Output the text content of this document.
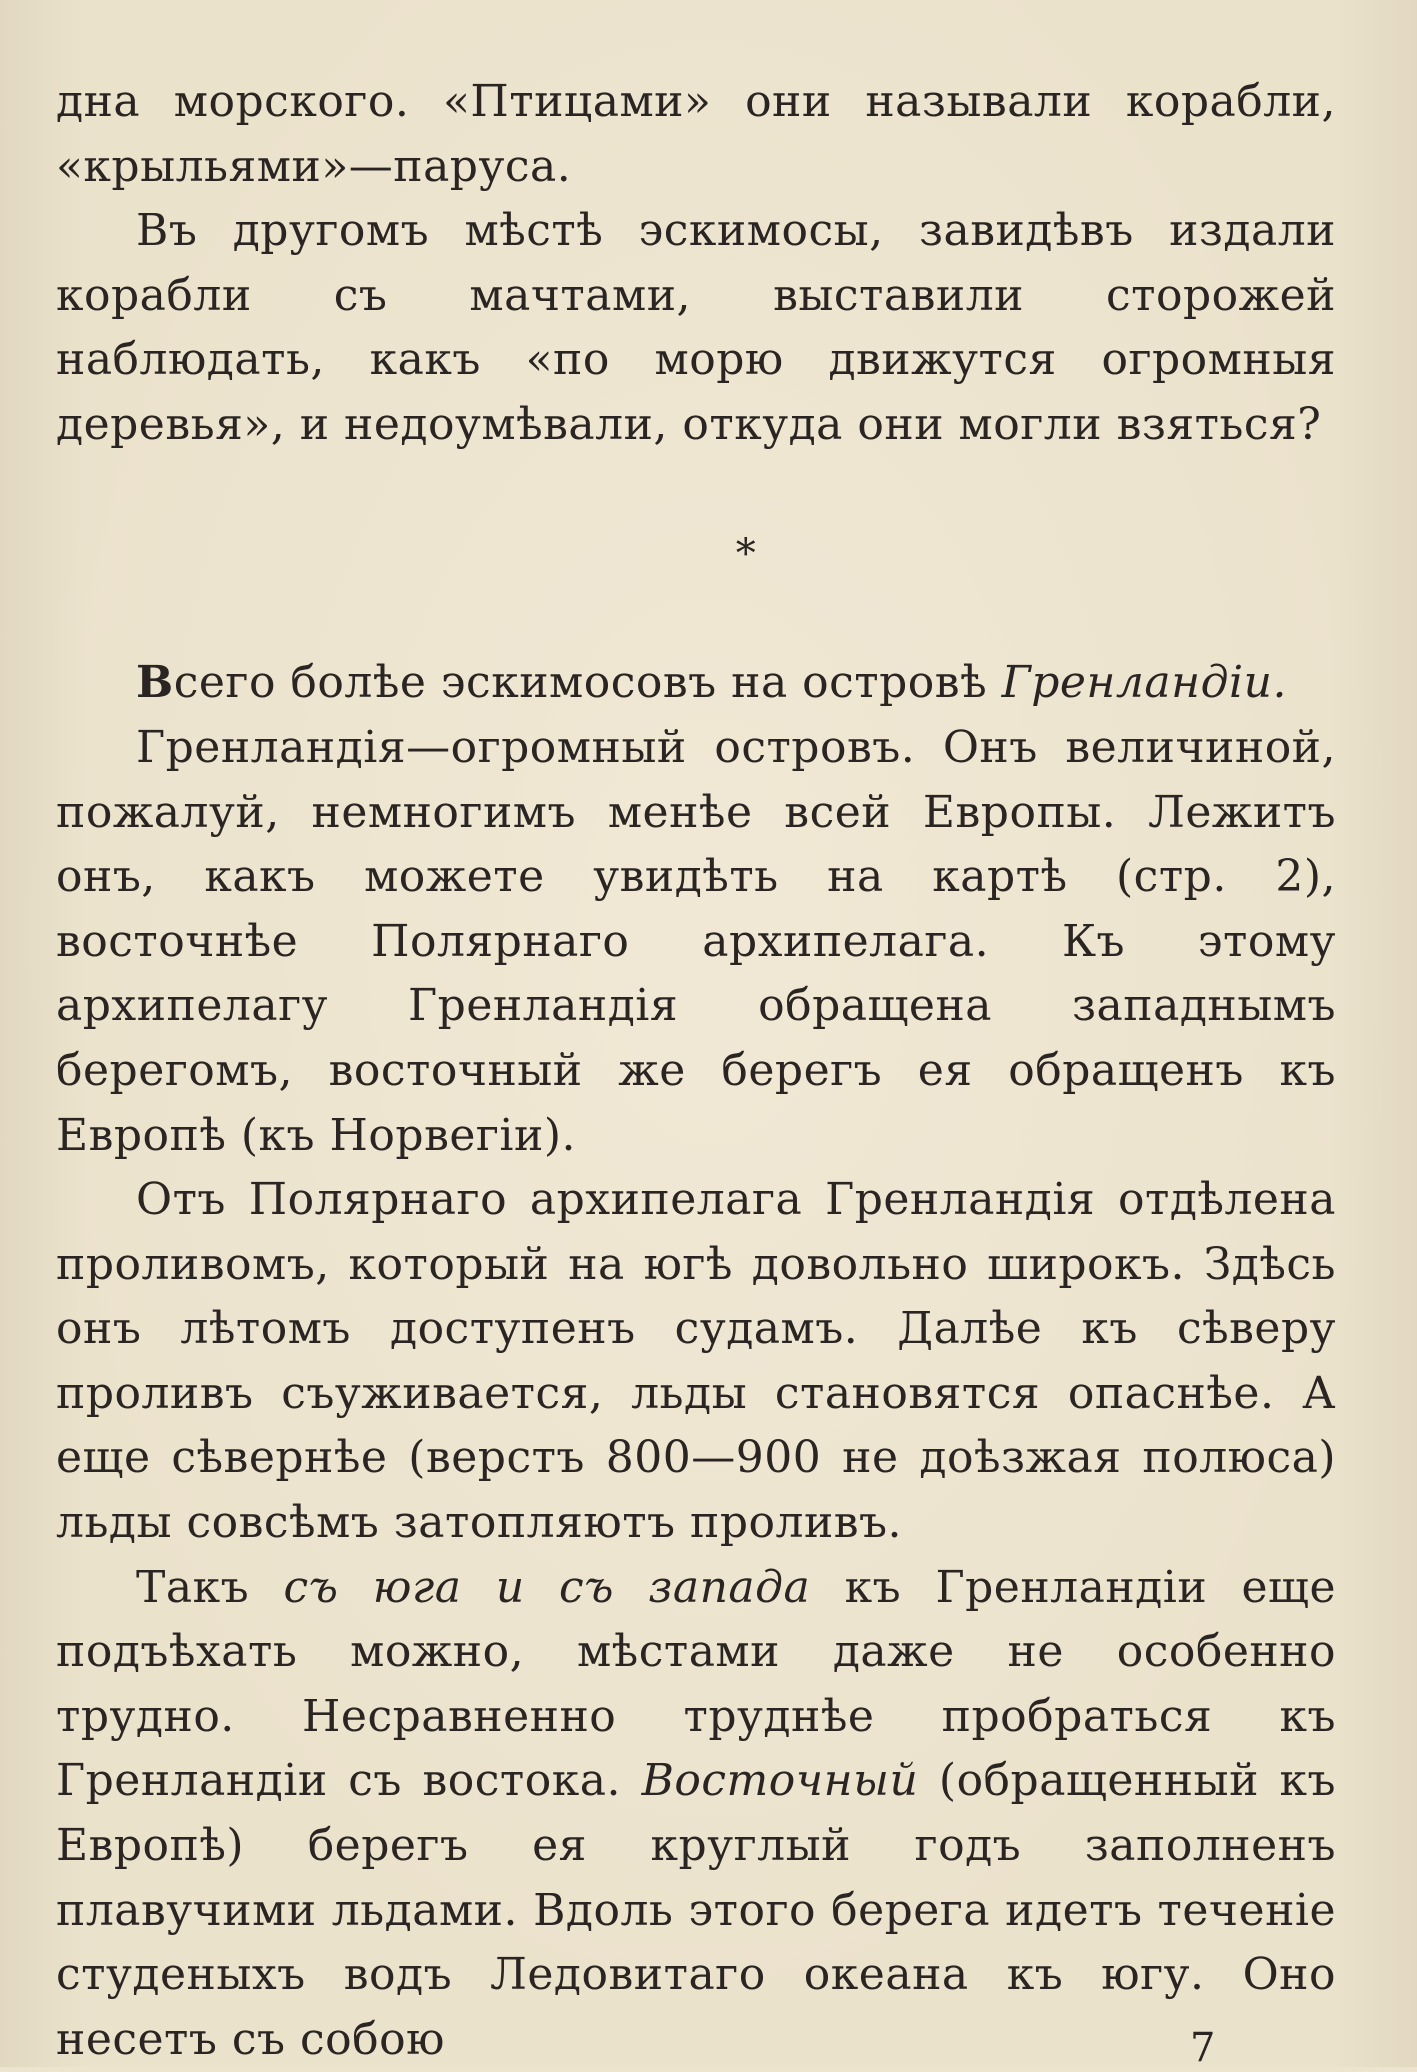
дна морского. «Птицами» они называли корабли, «крыльями»—паруса.

Въ другомъ мѣстѣ эскимосы, завидѣвъ издали корабли съ мачтами, выставили сторожей наблюдать, какъ «по морю движутся огромныя деревья», и недоумѣвали, откуда они могли взяться?

*

Всего болѣе эскимосовъ на островѣ Гренландіи.

Гренландія—огромный островъ. Онъ величиной, пожалуй, немногимъ менѣе всей Европы. Лежитъ онъ, какъ можете увидѣть на картѣ (стр. 2), восточнѣе Полярнаго архипелага. Къ этому архипелагу Гренландія обращена западнымъ берегомъ, восточный же берегъ ея обращенъ къ Европѣ (къ Норвегіи).

Отъ Полярнаго архипелага Гренландія отдѣлена проливомъ, который на югѣ довольно широкъ. Здѣсь онъ лѣтомъ доступенъ судамъ. Далѣе къ сѣверу проливъ съуживается, льды становятся опаснѣе. А еще сѣвернѣе (верстъ 800—900 не доѣзжая полюса) льды совсѣмъ затопляютъ проливъ.

Такъ съ юга и съ запада къ Гренландіи еще подъѣхать можно, мѣстами даже не особенно трудно. Несравненно труднѣе пробраться къ Гренландіи съ востока. Восточный (обращенный къ Европѣ) берегъ ея круглый годъ заполненъ плавучими льдами. Вдоль этого берега идетъ теченіе студеныхъ водъ Ледовитаго океана къ югу. Оно несетъ съ собою	7
